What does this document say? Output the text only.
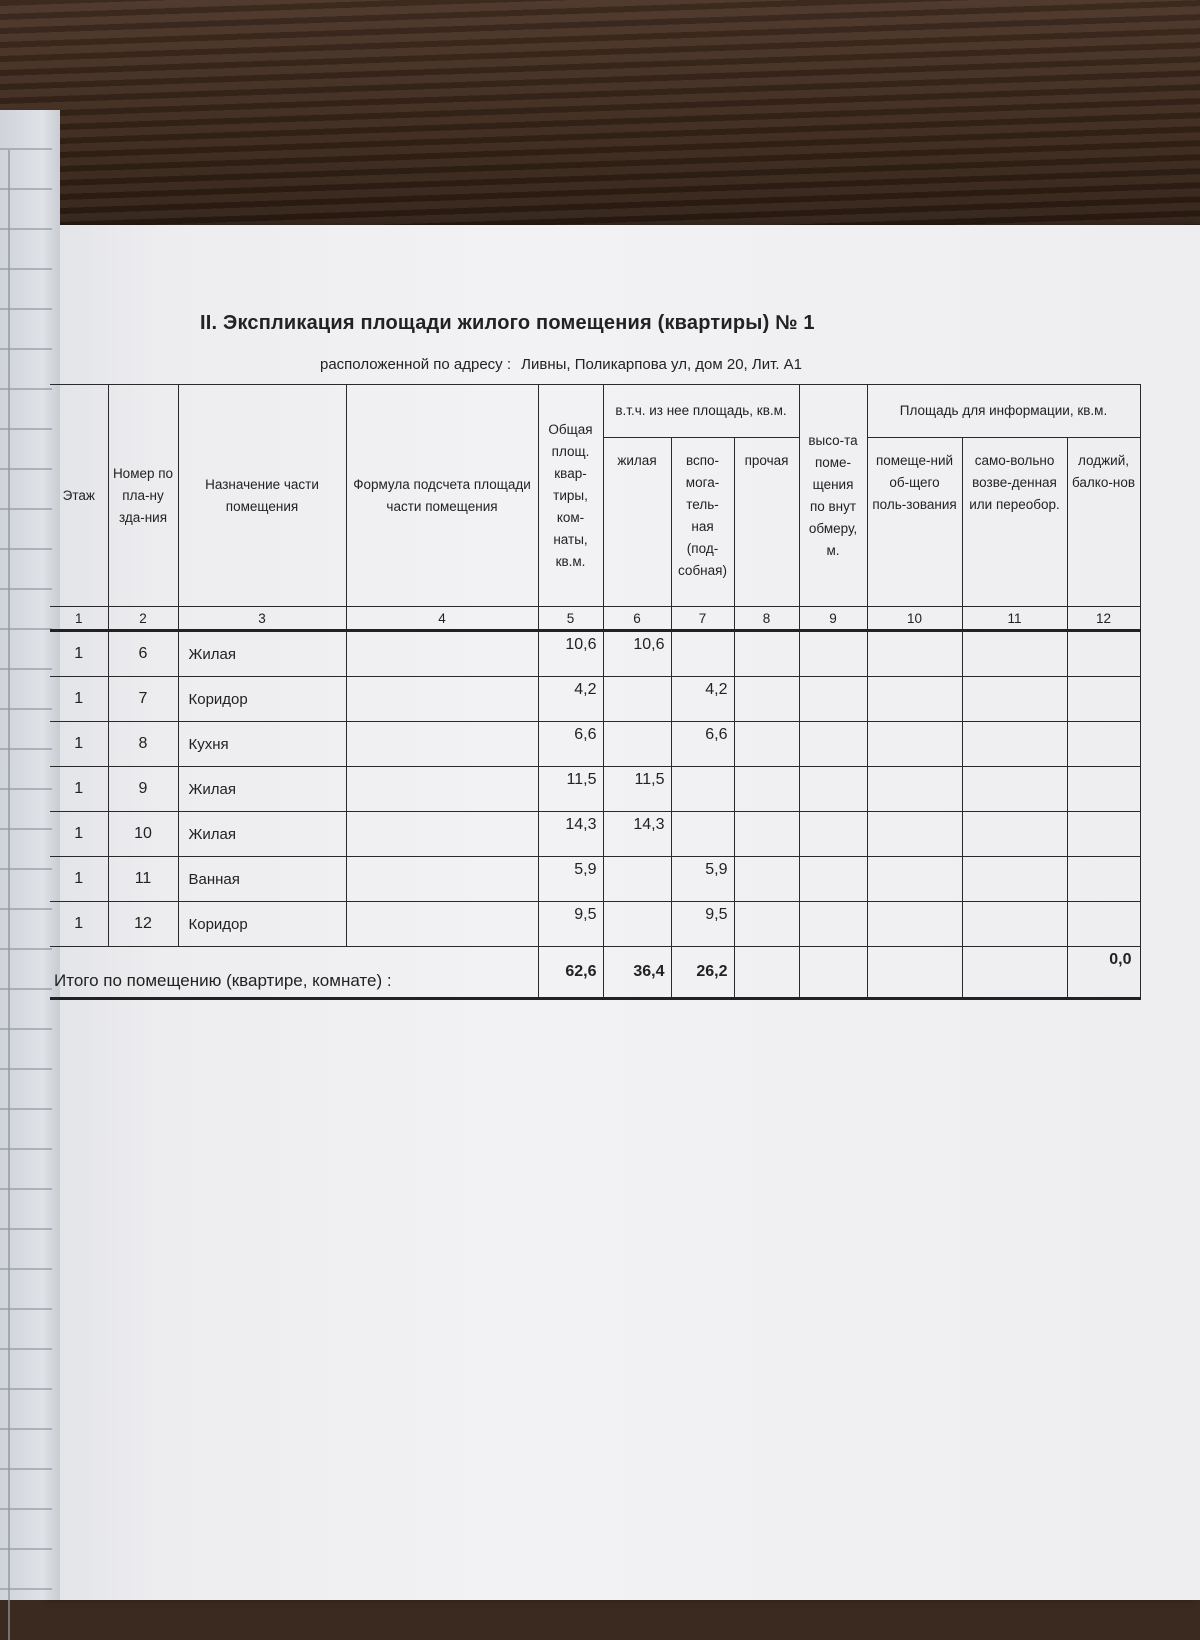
II. Экспликация площади жилого помещения (квартиры) № 1
расположенной по адресу : Ливны, Поликарпова ул, дом 20, Лит. А1
Этаж	Номер по пла-ну зда-ния	Назначение части помещения	Формула подсчета площади части помещения	Общая площ. квар-тиры, ком-наты, кв.м.	в.т.ч. из нее площадь, кв.м.			высо-та поме-щения по внут обмеру, м.	Площадь для информации, кв.м.		
					жилая	вспо-мога-тель-ная (под-собная)	прочая		помеще-ний об-щего поль-зования	само-вольно возве-денная или переобор.	лоджий, балко-нов
1	2	3	4	5	6	7	8	9	10	11	12
1	6	Жилая		10,6	10,6						
1	7	Коридор		4,2		4,2					
1	8	Кухня		6,6		6,6					
1	9	Жилая		11,5	11,5						
1	10	Жилая		14,3	14,3						
1	11	Ванная		5,9		5,9					
1	12	Коридор		9,5		9,5					
Итого по помещению (квартире, комнате) :				62,6	36,4	26,2					0,0
